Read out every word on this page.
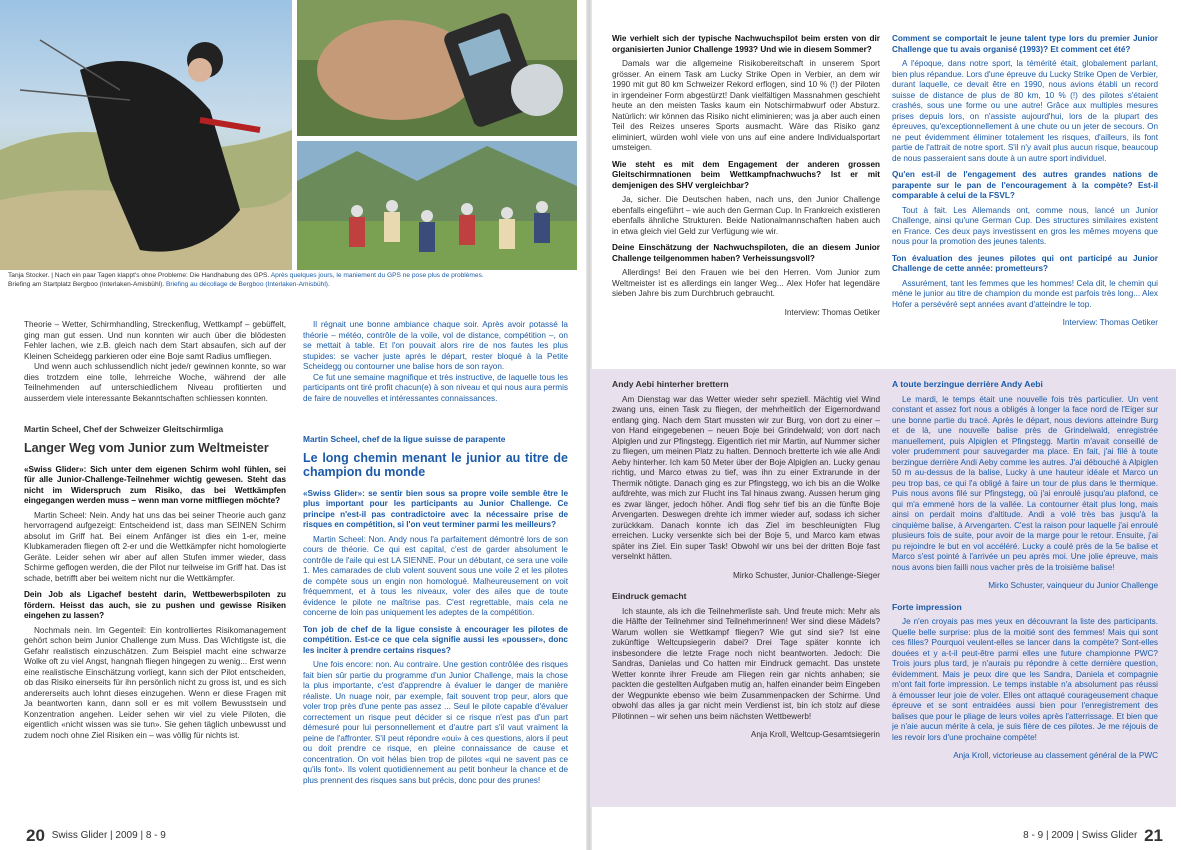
Tanja Stocker. | Nach ein paar Tagen klappt's ohne Probleme: Die Handhabung des GPS. Après quelques jours, le maniement du GPS ne pose plus de problèmes.
Briefing am Startplatz Bergboo (Interlaken-Amisbühl). Briefing au décollage de Bergboo (Interlaken-Amisbühl).

Theorie – Wetter, Schirmhandling, Streckenflug, Wettkampf – gebüffelt, ging man gut essen. Und nun konnten wir auch über die blödesten Fehler lachen, wie z.B. gleich nach dem Start absaufen, sich auf der Kleinen Scheidegg parkieren oder eine Boje samt Radius umfliegen.

Und wenn auch schlussendlich nicht jede/r gewinnen konnte, so war dies trotzdem eine tolle, lehrreiche Woche, während der alle Teilnehmenden auf unterschiedlichem Niveau profitierten und ausserdem viele interessante Bekanntschaften schliessen konnten.

Martin Scheel, Chef der Schweizer Gleitschirmliga
Langer Weg vom Junior zum Weltmeister

«Swiss Glider»: Sich unter dem eigenen Schirm wohl fühlen, sei für alle Junior-Challenge-Teilnehmer wichtig gewesen. Steht das nicht im Widerspruch zum Risiko, das bei Wettkämpfen eingegangen werden muss – wenn man vorne mitfliegen möchte?

Martin Scheel: Nein. Andy hat uns das bei seiner Theorie auch ganz hervorragend aufgezeigt: Entscheidend ist, dass man SEINEN Schirm absolut im Griff hat. Bei einem Anfänger ist dies ein 1-er, meine Klubkameraden fliegen oft 2-er und die Wettkämpfer nicht homologierte Geräte. Leider sehen wir aber auf allen Stufen immer wieder, dass Schirme geflogen werden, die der Pilot nur teilweise im Griff hat. Das ist schade, betrifft aber bei weitem nicht nur die Wettkämpfer.

Dein Job als Ligachef besteht darin, Wettbewerbspiloten zu fördern. Heisst das auch, sie zu pushen und gewisse Risiken eingehen zu lassen?

Nochmals nein. Im Gegenteil: Ein kontrolliertes Risikomanagement gehört schon beim Junior Challenge zum Muss. Das Wichtigste ist, die Gefahr realistisch einzuschätzen. Zum Beispiel macht eine schwarze Wolke oft zu viel Angst, hangnah fliegen hingegen zu wenig... Erst wenn eine realistische Einschätzung vorliegt, kann sich der Pilot entscheiden, ob das Risiko einerseits für ihn persönlich nicht zu gross ist, und es sich andererseits auch lohnt dieses einzugehen. Wenn er diese Fragen mit Ja beantworten kann, dann soll er es mit vollem Bewusstsein und Konzentration angehen. Leider sehen wir viel zu viele Piloten, die eigentlich «nicht wissen was sie tun». Sie gehen täglich unbewusst und zudem noch ohne Ziel Risiken ein – was völlig für nichts ist.

Il régnait une bonne ambiance chaque soir. Après avoir potassé la théorie – météo, contrôle de la voile, vol de distance, compétition –, on se mettait à table. Et l'on pouvait alors rire de nos fautes les plus stupides: se vacher juste après le départ, rester bloqué à la Petite Scheidegg ou contourner une balise hors de son rayon.

Ce fut une semaine magnifique et très instructive, de laquelle tous les participants ont tiré profit chacun(e) à son niveau et qui nous aura permis de faire de nouvelles et intéressantes connaissances.

Martin Scheel, chef de la ligue suisse de parapente
Le long chemin menant le junior au titre de champion du monde

«Swiss Glider»: se sentir bien sous sa propre voile semble être le plus important pour les participants au Junior Challenge. Ce principe n'est-il pas contradictoire avec la nécessaire prise de risques en compétition, si l'on veut terminer parmi les meilleurs?

Martin Scheel: Non. Andy nous l'a parfaitement démontré lors de son cours de théorie. Ce qui est capital, c'est de garder absolument le contrôle de l'aile qui est LA SIENNE. Pour un débutant, ce sera une voile 1. Mes camarades de club volent souvent sous une voile 2 et les pilotes de compète sous un engin non homologué. Malheureusement on voit fréquemment, et à tous les niveaux, voler des ailes que de toute évidence le pilote ne maîtrise pas. C'est regrettable, mais cela ne concerne de loin pas uniquement les adeptes de la compétition.

Ton job de chef de la ligue consiste à encourager les pilotes de compétition. Est-ce ce que cela signifie aussi les «pousser», donc les inciter à prendre certains risques?

Une fois encore: non. Au contraire. Une gestion contrôlée des risques fait bien sûr partie du programme d'un Junior Challenge, mais la chose la plus importante, c'est d'apprendre à évaluer le danger de manière réaliste. Un nuage noir, par exemple, fait souvent trop peur, alors que voler trop près d'une pente pas assez ... Seul le pilote capable d'évaluer correctement un risque peut décider si ce risque n'est pas d'un part démesuré pour lui personnellement et d'autre part s'il vaut vraiment la peine de l'affronter. S'il peut répondre «oui» à ces questions, alors il peut ou doit prendre ce risque, en pleine connaissance de cause et concentration. On voit hélas bien trop de pilotes «qui ne savent pas ce qu'ils font». Ils volent quotidiennement au petit bonheur la chance et de plus prennent des risques sans but précis, donc pour des prunes!

20 Swiss Glider | 2009 | 8 - 9

Wie verhielt sich der typische Nachwuchspilot beim ersten von dir organisierten Junior Challenge 1993? Und wie in diesem Sommer?

Damals war die allgemeine Risikobereitschaft in unserem Sport grösser. An einem Task am Lucky Strike Open in Verbier, an dem wir 1990 mit gut 80 km Schweizer Rekord erflogen, sind 10 % (!) der Piloten in irgendeiner Form abgestürzt! Dank vielfältigen Massnahmen geschieht heute an den meisten Tasks kaum ein Notschirmabwurf oder Absturz. Natürlich: wir können das Risiko nicht eliminieren; was ja aber auch einen Teil des Reizes unseres Sports ausmacht. Wäre das Risiko ganz eliminiert, würden wohl viele von uns auf eine andere Individualsportart umsteigen.

Wie steht es mit dem Engagement der anderen grossen Gleitschirmnationen beim Wettkampfnachwuchs? Ist er mit demjenigen des SHV vergleichbar?

Ja, sicher. Die Deutschen haben, nach uns, den Junior Challenge ebenfalls eingeführt – wie auch den German Cup. In Frankreich existieren ebenfalls ähnliche Strukturen. Beide Nationalmannschaften haben auch in etwa gleich viel Geld zur Verfügung wie wir.

Deine Einschätzung der Nachwuchspiloten, die an diesem Junior Challenge teilgenommen haben? Verheissungsvoll?

Allerdings! Bei den Frauen wie bei den Herren. Vom Junior zum Weltmeister ist es allerdings ein langer Weg... Alex Hofer hat legendäre sieben Jahre bis zum Durchbruch gebraucht.

Interview: Thomas Oetiker

Comment se comportait le jeune talent type lors du premier Junior Challenge que tu avais organisé (1993)? Et comment cet été?

A l'époque, dans notre sport, la témérité était, globalement parlant, bien plus répandue. Lors d'une épreuve du Lucky Strike Open de Verbier, durant laquelle, ce devait être en 1990, nous avions établi un record suisse de distance de plus de 80 km, 10 % (!) des pilotes s'étaient crashés, sous une forme ou une autre! Grâce aux multiples mesures prises depuis lors, on n'assiste aujourd'hui, lors de la plupart des épreuves, qu'exceptionnellement à une chute ou un jeter de secours. On ne peut évidemment éliminer totalement les risques, d'ailleurs, ils font partie de l'attrait de notre sport. S'il n'y avait plus aucun risque, beaucoup de nous passeraient sans doute à un autre sport individuel.

Qu'en est-il de l'engagement des autres grandes nations de parapente sur le pan de l'encouragement à la compète? Est-il comparable à celui de la FSVL?

Tout à fait. Les Allemands ont, comme nous, lancé un Junior Challenge, ainsi qu'une German Cup. Des structures similaires existent en France. Ces deux pays investissent en gros les mêmes moyens que nous pour la promotion des jeunes talents.

Ton évaluation des jeunes pilotes qui ont participé au Junior Challenge de cette année: prometteurs?

Assurément, tant les femmes que les hommes! Cela dit, le chemin qui mène le junior au titre de champion du monde est parfois très long... Alex Hofer a persévéré sept années avant d'atteindre le top.

Interview: Thomas Oetiker

Andy Aebi hinterher brettern

Am Dienstag war das Wetter wieder sehr speziell. Mächtig viel Wind zwang uns, einen Task zu fliegen, der mehrheitlich der Eigernordwand entlang ging. Nach dem Start mussten wir zur Burg, von dort zu einer – von Hand eingegebenen – neuen Boje bei Grindelwald; von dort nach Alpiglen und zur Pfingstegg. Eigentlich riet mir Martin, auf Nummer sicher zu fliegen, um meinen Platz zu halten. Dennoch bretterte ich wie alle Andi Aeby hinterher. Ich kam 50 Meter über der Boje Alpiglen an. Lucky genau richtig, und Marco etwas zu tief, was ihn zu einer Extrarunde in der Thermik nötigte. Danach ging es zur Pfingstegg, wo ich bis an die Wolke aufdrehte, was mich zur Flucht ins Tal hinaus zwang. Aussen herum ging es zwar länger, jedoch höher. Andi flog sehr tief bis an die fünfte Boje Arvengarten. Deswegen drehte ich immer wieder auf, sodass ich sicher zurückkam. Danach konnte ich das Ziel im beschleunigten Flug erreichen. Lucky versenkte sich bei der Boje 5, und Marco kam etwas später ins Ziel. Ein super Task! Obwohl wir uns bei der dritten Boje fast verselnkt hätten.

Mirko Schuster, Junior-Challenge-Sieger

Eindruck gemacht

Ich staunte, als ich die Teilnehmerliste sah. Und freute mich: Mehr als die Hälfte der Teilnehmer sind Teilnehmerinnen! Wer sind diese Mädels? Warum wollen sie Wettkampf fliegen? Wie gut sind sie? Ist eine zukünftige Weltcupsiegerin dabei? Drei Tage später konnte ich insbesondere die letzte Frage noch nicht beantworten. Jedoch: Die Sandras, Danielas und Co hatten mir Eindruck gemacht. Das unstete Wetter konnte ihrer Freude am Fliegen rein gar nichts anhaben; sie packten die gestellten Aufgaben mutig an, halfen einander beim Eingeben der Wegpunkte ebenso wie beim Zusammenpacken der Schirme. Und obwohl das alles ja gar nicht mein Verdienst ist, bin ich stolz auf diese Pilotinnen – wir sehen uns beim nächsten Wettbewerb!

Anja Kroll, Weltcup-Gesamtsiegerin

A toute berzingue derrière Andy Aebi

Le mardi, le temps était une nouvelle fois très particulier. Un vent constant et assez fort nous a obligés à longer la face nord de l'Eiger sur une bonne partie du tracé. Après le départ, nous devions atteindre Burg et de là, une nouvelle balise près de Grindelwald, enregistrée manuellement, puis Alpiglen et Pfingstegg. Martin m'avait conseillé de voler prudemment pour sauvegarder ma place. En fait, j'ai filé à toute berzingue derrière Andi Aeby comme les autres. J'ai débouché à Alpiglen 50 m au-dessus de la balise, Lucky à une hauteur idéale et Marco un peu trop bas, ce qui l'a obligé à faire un tour de plus dans le thermique. Puis nous avons filé sur Pfingstegg, où j'ai enroulé jusqu'au plafond, ce qui m'a emmené hors de la vallée. La contourner était plus long, mais ainsi on perdait moins d'altitude. Andi a volé très bas jusqu'à la cinquième balise, à Arvengarten. C'est la raison pour laquelle j'ai enroulé plusieurs fois de suite, pour avoir de la marge pour le retour. Ensuite, j'ai pu rejoindre le but en vol accéléré. Lucky a coulé près de la 5e balise et Marco s'est pointé à l'arrivée un peu après moi. Une jolie épreuve, mais nous avons bien failli nous vacher près de la troisième balise!

Mirko Schuster, vainqueur du Junior Challenge

Forte impression

Je n'en croyais pas mes yeux en découvrant la liste des participants. Quelle belle surprise: plus de la moitié sont des femmes! Mais qui sont ces filles? Pourquoi veulent-elles se lancer dans la compète? Sont-elles douées et y a-t-il peut-être parmi elles une future championne PWC? Trois jours plus tard, je n'aurais pu répondre à cette dernière question, évidemment. Mais je peux dire que les Sandra, Daniela et compagnie m'ont fait forte impression. Le temps instable n'a absolument pas réussi à émousser leur joie de voler. Elles ont attaqué courageusement chaque épreuve et se sont entraidées aussi bien pour l'enregistrement des balises que pour le pliage de leurs voiles après l'atterrissage. Et bien que je n'aie aucun mérite à cela, je suis fière de ces pilotes. Je me réjouis de les revoir lors d'une prochaine compète!

Anja Kroll, victorieuse au classement général de la PWC

8 - 9 | 2009 | Swiss Glider 21
